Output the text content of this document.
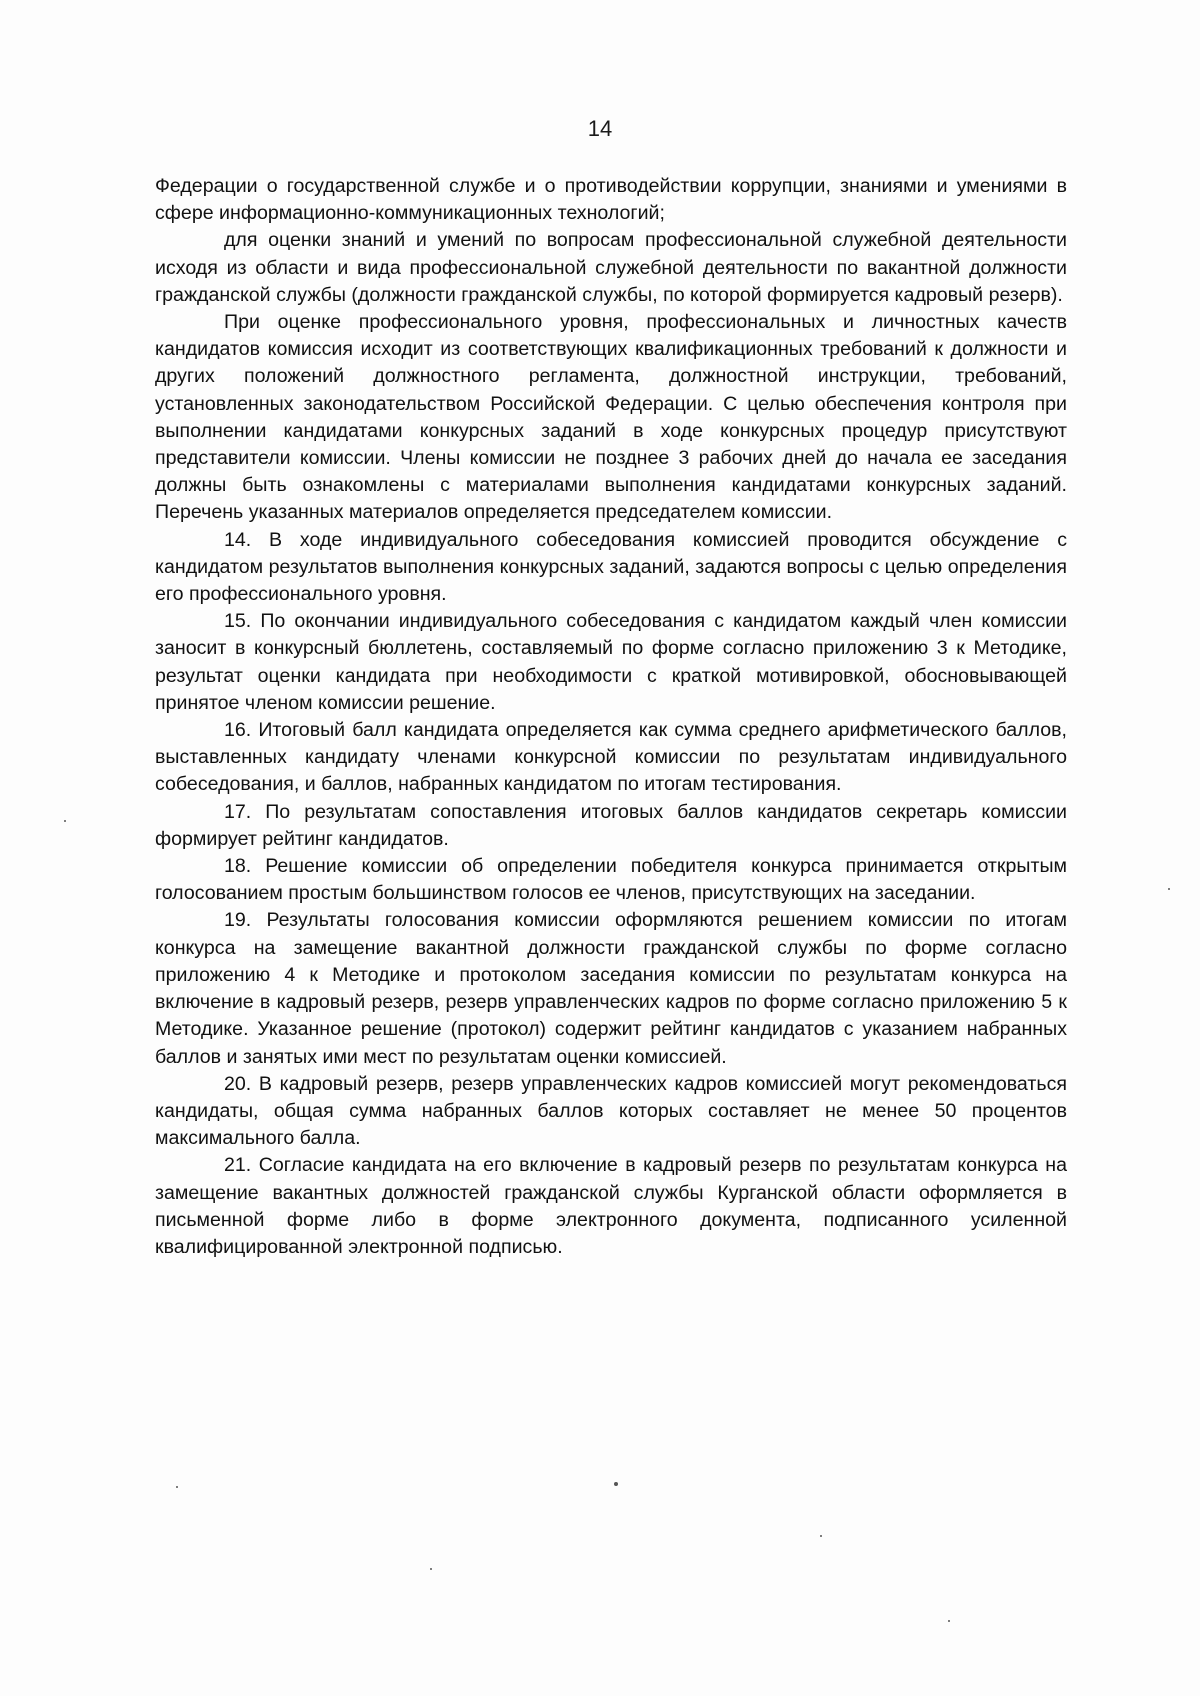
14

Федерации о государственной службе и о противодействии коррупции, знаниями и умениями в сфере информационно-коммуникационных технологий;

для оценки знаний и умений по вопросам профессиональной служебной деятельности исходя из области и вида профессиональной служебной деятельности по вакантной должности гражданской службы (должности гражданской службы, по которой формируется кадровый резерв).

При оценке профессионального уровня, профессиональных и личностных качеств кандидатов комиссия исходит из соответствующих квалификационных требований к должности и других положений должностного регламента, должностной инструкции, требований, установленных законодательством Российской Федерации. С целью обеспечения контроля при выполнении кандидатами конкурсных заданий в ходе конкурсных процедур присутствуют представители комиссии. Члены комиссии не позднее 3 рабочих дней до начала ее заседания должны быть ознакомлены с материалами выполнения кандидатами конкурсных заданий. Перечень указанных материалов определяется председателем комиссии.

14. В ходе индивидуального собеседования комиссией проводится обсуждение с кандидатом результатов выполнения конкурсных заданий, задаются вопросы с целью определения его профессионального уровня.

15. По окончании индивидуального собеседования с кандидатом каждый член комиссии заносит в конкурсный бюллетень, составляемый по форме согласно приложению 3 к Методике, результат оценки кандидата при необходимости с краткой мотивировкой, обосновывающей принятое членом комиссии решение.

16. Итоговый балл кандидата определяется как сумма среднего арифметического баллов, выставленных кандидату членами конкурсной комиссии по результатам индивидуального собеседования, и баллов, набранных кандидатом по итогам тестирования.

17. По результатам сопоставления итоговых баллов кандидатов секретарь комиссии формирует рейтинг кандидатов.

18. Решение комиссии об определении победителя конкурса принимается открытым голосованием простым большинством голосов ее членов, присутствующих на заседании.

19. Результаты голосования комиссии оформляются решением комиссии по итогам конкурса на замещение вакантной должности гражданской службы по форме согласно приложению 4 к Методике и протоколом заседания комиссии по результатам конкурса на включение в кадровый резерв, резерв управленческих кадров по форме согласно приложению 5 к Методике. Указанное решение (протокол) содержит рейтинг кандидатов с указанием набранных баллов и занятых ими мест по результатам оценки комиссией.

20. В кадровый резерв, резерв управленческих кадров комиссией могут рекомендоваться кандидаты, общая сумма набранных баллов которых составляет не менее 50 процентов максимального балла.

21. Согласие кандидата на его включение в кадровый резерв по результатам конкурса на замещение вакантных должностей гражданской службы Курганской области оформляется в письменной форме либо в форме электронного документа, подписанного усиленной квалифицированной электронной подписью.
